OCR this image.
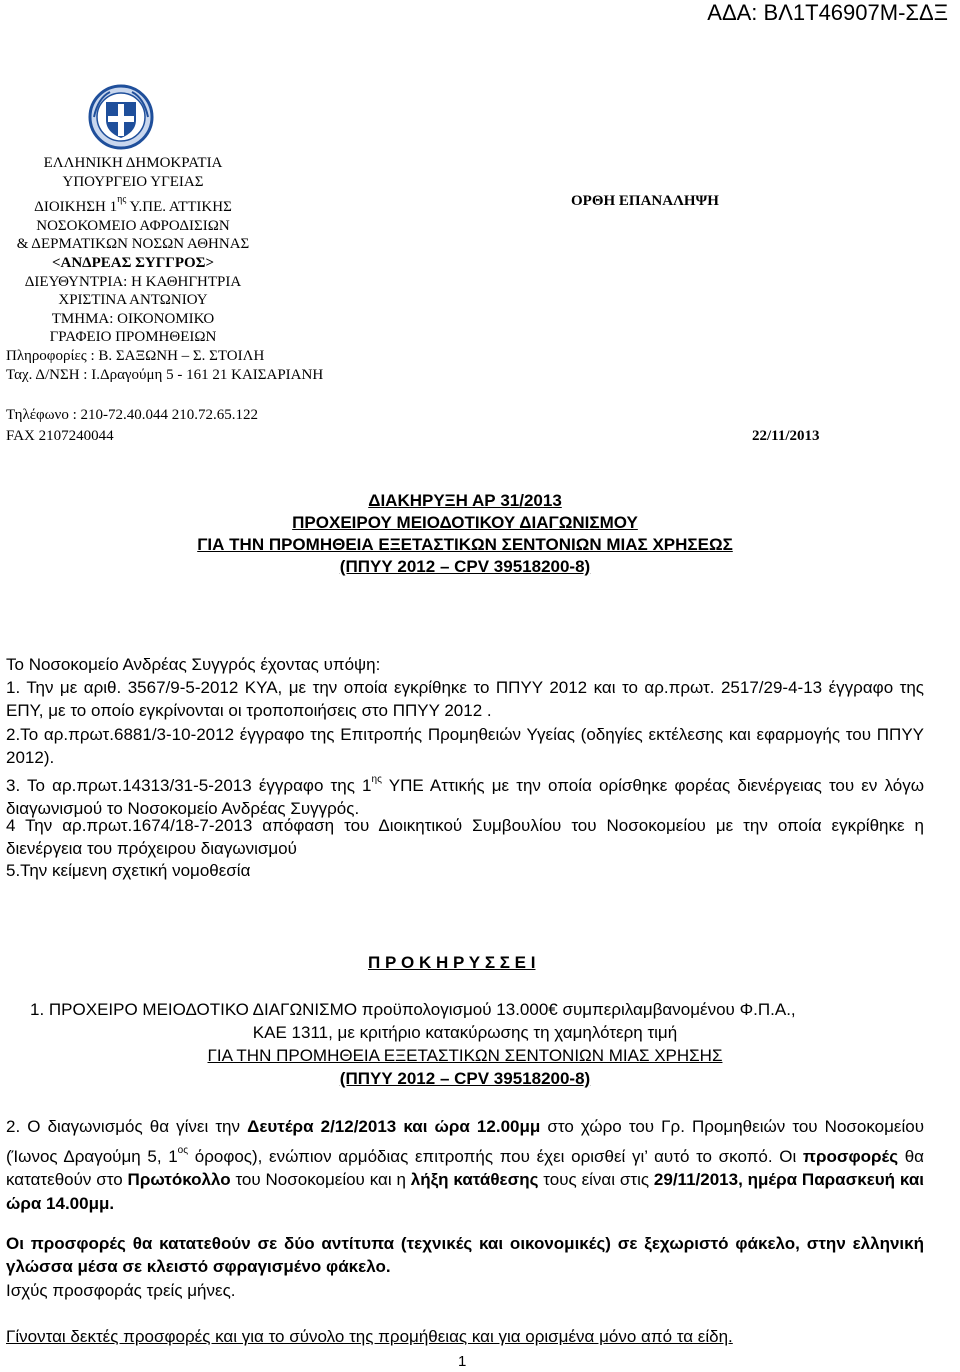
ΑΔΑ: ΒΛ1Τ46907Μ-ΣΔΞ
ΕΛΛΗΝΙΚΗ ΔΗΜΟΚΡΑΤΙΑ
ΥΠΟΥΡΓΕΙΟ ΥΓΕΙΑΣ
ΔΙΟΙΚΗΣΗ $1^{\eta\varsigma}$ Υ.ΠΕ. ΑΤΤΙΚΗΣ
ΝΟΣΟΚΟΜΕΙΟ ΑΦΡΟΔΙΣΙΩΝ
& ΔΕΡΜΑΤΙΚΩΝ ΝΟΣΩΝ ΑΘΗΝΑΣ
<ΑΝΔΡΕΑΣ ΣΥΓΓΡΟΣ>
ΔΙΕΥΘΥΝΤΡΙΑ: Η ΚΑΘΗΓΗΤΡΙΑ
ΧΡΙΣΤΙΝΑ ΑΝΤΩΝΙΟΥ
ΤΜΗΜΑ: ΟΙΚΟΝΟΜΙΚΟ
ΓΡΑΦΕΙΟ ΠΡΟΜΗΘΕΙΩΝ
Πληροφορίες : Β. ΣΑΞΩΝΗ – Σ. ΣΤΟΙΛΗ
Ταχ. Δ/ΝΣΗ : Ι.Δραγούμη 5 - 161 21 ΚΑΙΣΑΡΙΑΝΗ
ΟΡΘΗ ΕΠΑΝΑΛΗΨΗ
Τηλέφωνο : 210-72.40.044 210.72.65.122
FAX 2107240044	22/11/2013
ΔΙΑΚΗΡΥΞΗ ΑΡ 31/2013
ΠΡΟΧΕΙΡΟΥ ΜΕΙΟΔΟΤΙΚΟΥ ΔΙΑΓΩΝΙΣΜΟΥ
ΓΙΑ ΤΗΝ ΠΡΟΜΗΘΕΙΑ ΕΞΕΤΑΣΤΙΚΩΝ ΣΕΝΤΟΝΙΩΝ ΜΙΑΣ ΧΡΗΣΕΩΣ
(ΠΠΥΥ 2012 – CPV 39518200-8)
Το Νοσοκομείο Ανδρέας Συγγρός έχοντας υπόψη:
1. Την με αριθ. 3567/9-5-2012 ΚΥΑ, με την οποία εγκρίθηκε το ΠΠΥΥ 2012 και το αρ.πρωτ. 2517/29-4-13 έγγραφο της ΕΠΥ, με το οποίο εγκρίνονται οι τροποποιήσεις στο ΠΠΥΥ 2012 .
2.Το αρ.πρωτ.6881/3-10-2012 έγγραφο της Επιτροπής Προμηθειών Υγείας (οδηγίες εκτέλεσης και εφαρμογής του ΠΠΥΥ 2012).
3. Το αρ.πρωτ.14313/31-5-2013 έγγραφο της $1^{\eta\varsigma}$ ΥΠΕ Αττικής με την οποία ορίσθηκε φορέας διενέργειας του εν λόγω διαγωνισμού το Νοσοκομείο Ανδρέας Συγγρός.
4 Την αρ.πρωτ.1674/18-7-2013 απόφαση του Διοικητικού Συμβουλίου του Νοσοκομείου με την οποία εγκρίθηκε η διενέργεια του πρόχειρου διαγωνισμού
5.Την κείμενη σχετική νομοθεσία
Π Ρ Ο Κ Η Ρ Υ Σ Σ Ε Ι
1. ΠΡΟΧΕΙΡΟ ΜΕΙΟΔΟΤΙΚΟ ΔΙΑΓΩΝΙΣΜΟ προϋπολογισμού 13.000€ συμπεριλαμβανομένου Φ.Π.Α.,
ΚΑΕ 1311, με κριτήριο κατακύρωσης τη χαμηλότερη τιμή
ΓΙΑ ΤΗΝ ΠΡΟΜΗΘΕΙΑ ΕΞΕΤΑΣΤΙΚΩΝ ΣΕΝΤΟΝΙΩΝ ΜΙΑΣ ΧΡΗΣΗΣ
(ΠΠΥΥ 2012 – CPV 39518200-8)
2. Ο διαγωνισμός θα γίνει την Δευτέρα 2/12/2013 και ώρα 12.00μμ στο χώρο του Γρ. Προμηθειών του Νοσοκομείου (Ίωνος Δραγούμη 5, $1^{o\varsigma}$ όροφος), ενώπιον αρμόδιας επιτροπής που έχει ορισθεί γι’ αυτό το σκοπό. Οι προσφορές θα κατατεθούν στο Πρωτόκολλο του Νοσοκομείου και η λήξη κατάθεσης τους είναι στις 29/11/2013, ημέρα Παρασκευή και ώρα 14.00μμ.
Οι προσφορές θα κατατεθούν σε δύο αντίτυπα (τεχνικές και οικονομικές) σε ξεχωριστό φάκελο, στην ελληνική γλώσσα μέσα σε κλειστό σφραγισμένο φάκελο.
Ισχύς προσφοράς τρείς μήνες.
Γίνονται δεκτές προσφορές και για το σύνολο της προμήθειας και για ορισμένα μόνο από τα είδη.
1
